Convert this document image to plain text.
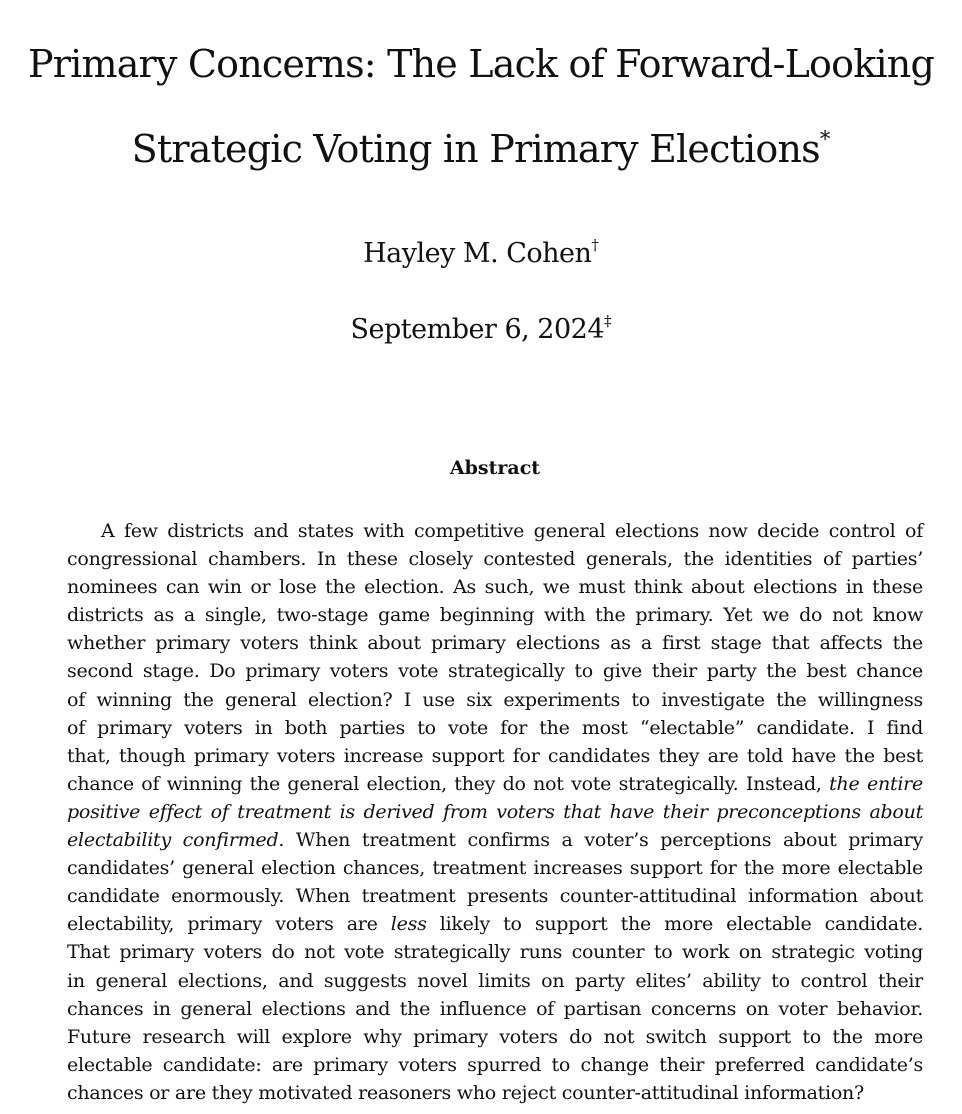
Primary Concerns: The Lack of Forward-Looking
Strategic Voting in Primary Elections*
Hayley M. Cohen†
September 6, 2024‡
Abstract
A few districts and states with competitive general elections now decide control of
congressional chambers. In these closely contested generals, the identities of parties’
nominees can win or lose the election. As such, we must think about elections in these
districts as a single, two-stage game beginning with the primary. Yet we do not know
whether primary voters think about primary elections as a first stage that affects the
second stage. Do primary voters vote strategically to give their party the best chance
of winning the general election? I use six experiments to investigate the willingness
of primary voters in both parties to vote for the most “electable” candidate. I find
that, though primary voters increase support for candidates they are told have the best
chance of winning the general election, they do not vote strategically. Instead, the entire
positive effect of treatment is derived from voters that have their preconceptions about
electability confirmed. When treatment confirms a voter’s perceptions about primary
candidates’ general election chances, treatment increases support for the more electable
candidate enormously. When treatment presents counter-attitudinal information about
electability, primary voters are less likely to support the more electable candidate.
That primary voters do not vote strategically runs counter to work on strategic voting
in general elections, and suggests novel limits on party elites’ ability to control their
chances in general elections and the influence of partisan concerns on voter behavior.
Future research will explore why primary voters do not switch support to the more
electable candidate: are primary voters spurred to change their preferred candidate’s
chances or are they motivated reasoners who reject counter-attitudinal information?
